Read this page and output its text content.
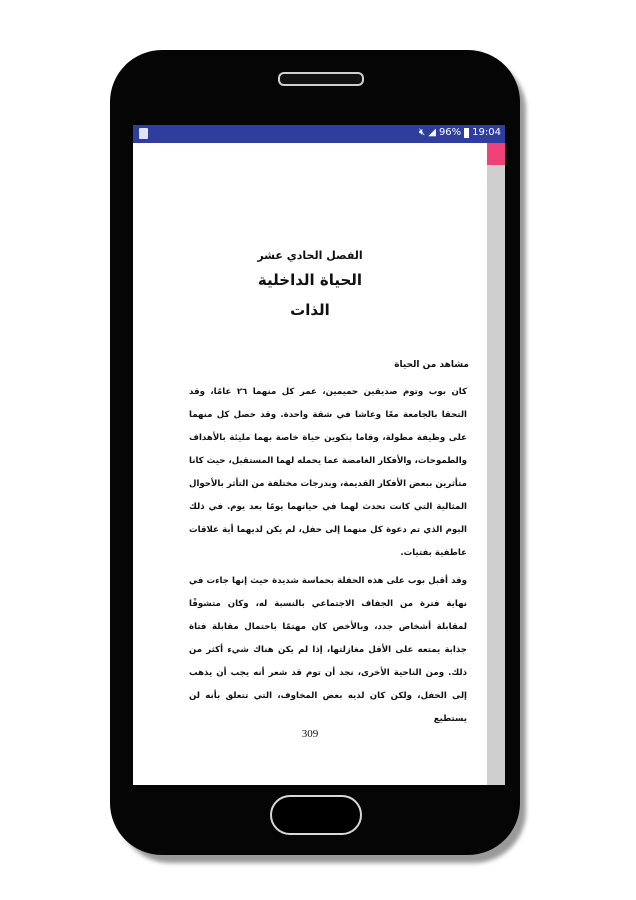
🔇︎ ◢ 96% 19:04
الفصل الحادي عشر
الحياة الداخلية
الذات
مشاهد من الحياة
كان بوب وتوم صديقين حميمين، عمر كل منهما ٢٦ عامًا، وقد التحقا بالجامعة معًا وعاشا في شقة واحدة. وقد حصل كل منهما على وظيفة مطولة، وقاما بتكوين حياة خاصة بهما مليئة بالأهداف والطموحات، والأفكار الغامضة عما يحمله لهما المستقبل، حيث كانا متأثرين ببعض الأفكار القديمة، وبدرجات مختلفة من التأثر بالأحوال المثالية التي كانت تحدث لهما في حياتهما يومًا بعد يوم. في ذلك اليوم الذي تم دعوة كل منهما إلى حفل، لم يكن لديهما أية علاقات عاطفية بفتيات.
وقد أقبل بوب على هذه الحفلة بحماسة شديدة حيث إنها جاءت في نهاية فترة من الجفاف الاجتماعي بالنسبة له، وكان متشوقًا لمقابلة أشخاص جدد، وبالأخص كان مهتمًا باحتمال مقابلة فتاة جذابة يمتعه على الأقل مغازلتها، إذا لم يكن هناك شيء أكثر من ذلك. ومن الناحية الأخرى، نجد أن توم قد شعر أنه يجب أن يذهب إلى الحفل، ولكن كان لديه بعض المخاوف، التي تتعلق بأنه لن يستطيع
309
